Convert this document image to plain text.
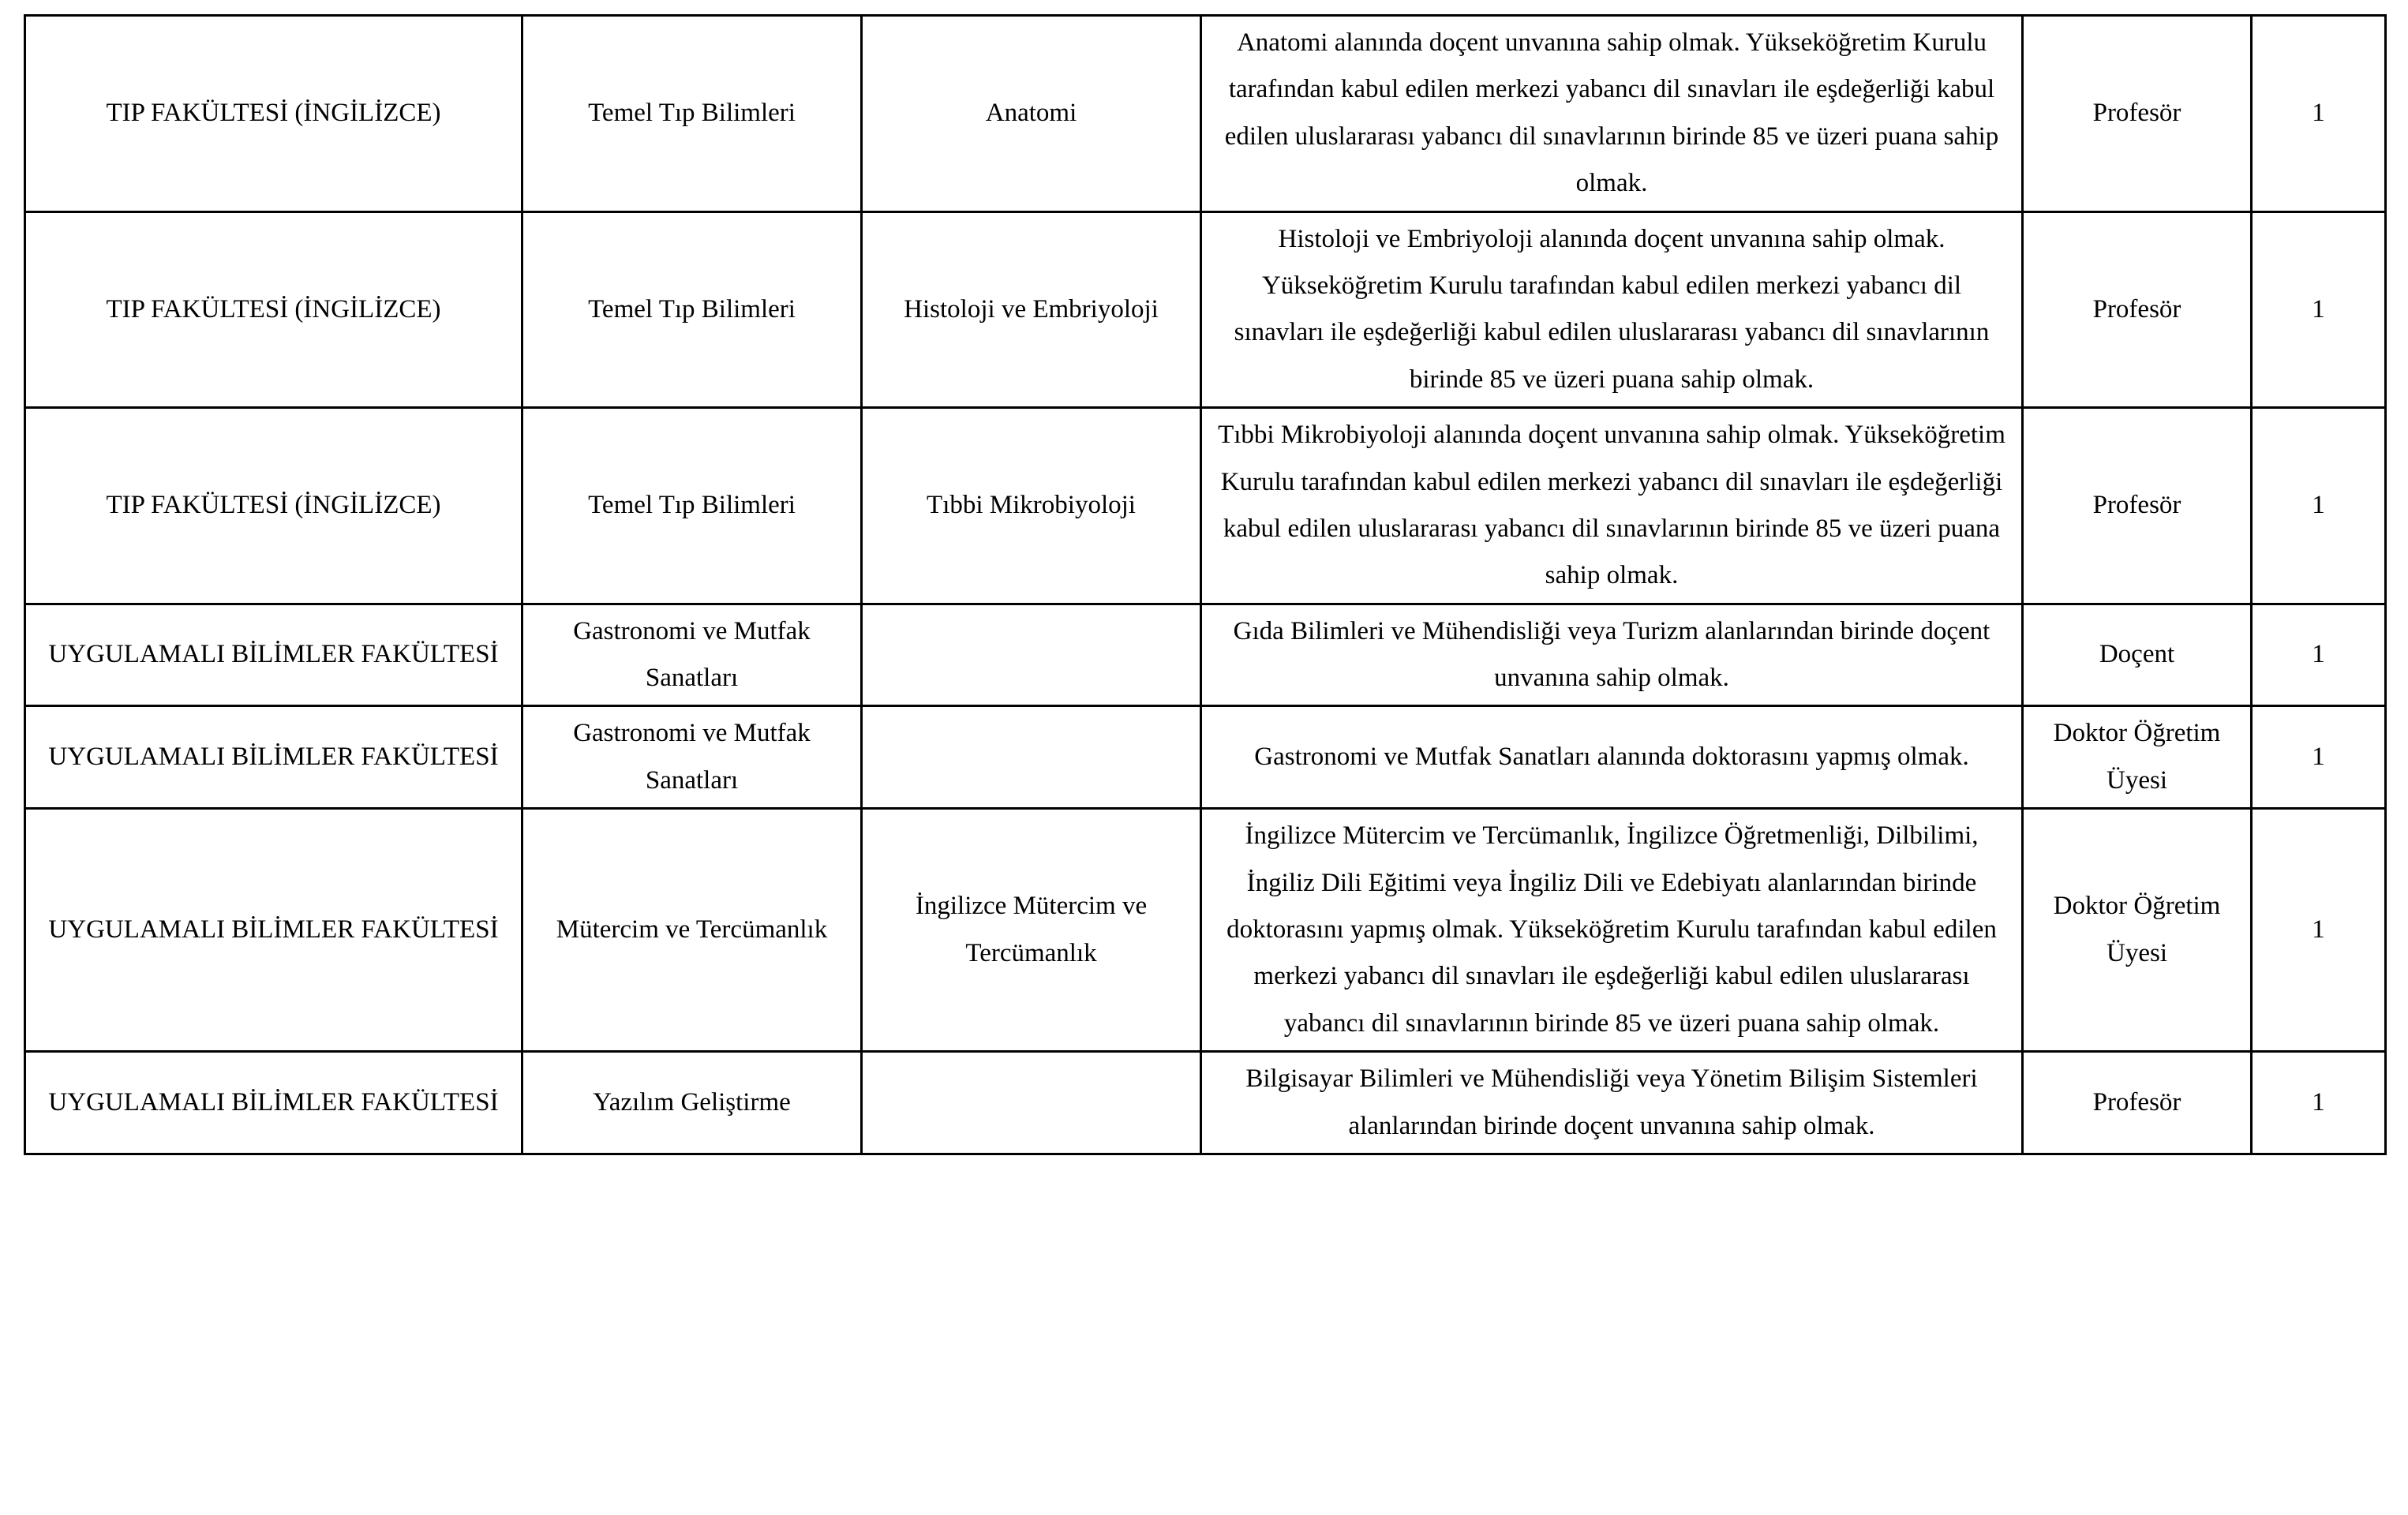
TIP FAKÜLTESİ (İNGİLİZCE)	Temel Tıp Bilimleri	Anatomi	Anatomi alanında doçent unvanına sahip olmak. Yükseköğretim Kurulu tarafından kabul edilen merkezi yabancı dil sınavları ile eşdeğerliği kabul edilen uluslararası yabancı dil sınavlarının birinde 85 ve üzeri puana sahip olmak.	Profesör	1
TIP FAKÜLTESİ (İNGİLİZCE)	Temel Tıp Bilimleri	Histoloji ve Embriyoloji	Histoloji ve Embriyoloji alanında doçent unvanına sahip olmak. Yükseköğretim Kurulu tarafından kabul edilen merkezi yabancı dil sınavları ile eşdeğerliği kabul edilen uluslararası yabancı dil sınavlarının birinde 85 ve üzeri puana sahip olmak.	Profesör	1
TIP FAKÜLTESİ (İNGİLİZCE)	Temel Tıp Bilimleri	Tıbbi Mikrobiyoloji	Tıbbi Mikrobiyoloji alanında doçent unvanına sahip olmak. Yükseköğretim Kurulu tarafından kabul edilen merkezi yabancı dil sınavları ile eşdeğerliği kabul edilen uluslararası yabancı dil sınavlarının birinde 85 ve üzeri puana sahip olmak.	Profesör	1
UYGULAMALI BİLİMLER FAKÜLTESİ	Gastronomi ve Mutfak Sanatları		Gıda Bilimleri ve Mühendisliği veya Turizm alanlarından birinde doçent unvanına sahip olmak.	Doçent	1
UYGULAMALI BİLİMLER FAKÜLTESİ	Gastronomi ve Mutfak Sanatları		Gastronomi ve Mutfak Sanatları alanında doktorasını yapmış olmak.	Doktor Öğretim Üyesi	1
UYGULAMALI BİLİMLER FAKÜLTESİ	Mütercim ve Tercümanlık	İngilizce Mütercim ve Tercümanlık	İngilizce Mütercim ve Tercümanlık, İngilizce Öğretmenliği, Dilbilimi, İngiliz Dili Eğitimi veya İngiliz Dili ve Edebiyatı alanlarından birinde doktorasını yapmış olmak. Yükseköğretim Kurulu tarafından kabul edilen merkezi yabancı dil sınavları ile eşdeğerliği kabul edilen uluslararası yabancı dil sınavlarının birinde 85 ve üzeri puana sahip olmak.	Doktor Öğretim Üyesi	1
UYGULAMALI BİLİMLER FAKÜLTESİ	Yazılım Geliştirme		Bilgisayar Bilimleri ve Mühendisliği veya Yönetim Bilişim Sistemleri alanlarından birinde doçent unvanına sahip olmak.	Profesör	1
